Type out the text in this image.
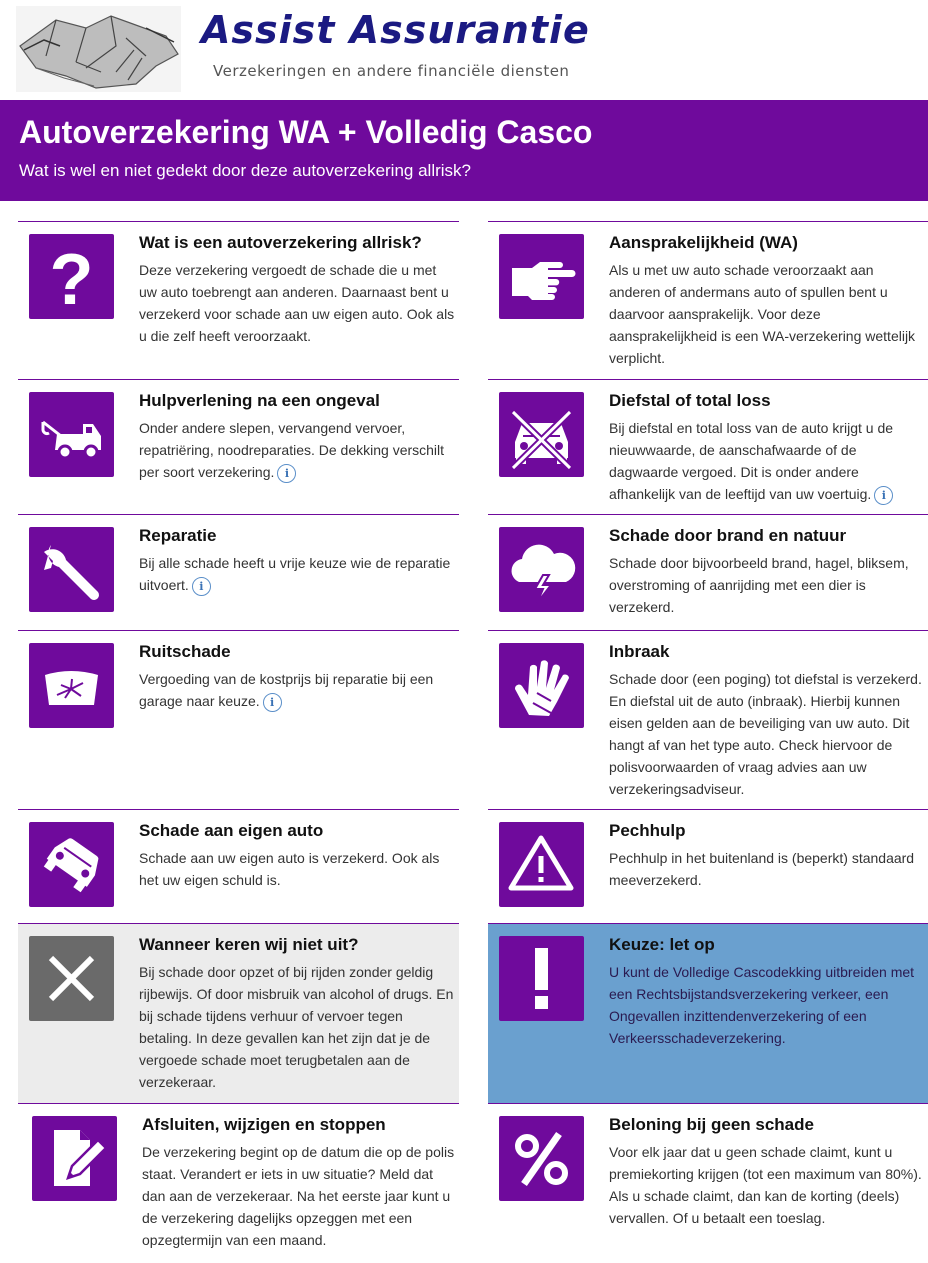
Assist Assurantie
Verzekeringen en andere financiële diensten
Autoverzekering WA + Volledig Casco

Wat is wel en niet gedekt door deze autoverzekering allrisk?

?	Wat is een autoverzekering allrisk?
Deze verzekering vergoedt de schade die u met uw auto toebrengt aan anderen. Daarnaast bent u verzekerd voor schade aan uw eigen auto. Ook als u die zelf heeft veroorzaakt.
Aansprakelijkheid (WA)
Als u met uw auto schade veroorzaakt aan anderen of andermans auto of spullen bent u daarvoor aansprakelijk. Voor deze aansprakelijkheid is een WA-verzekering wettelijk verplicht.
Hulpverlening na een ongeval
Onder andere slepen, vervangend vervoer, repatriëring, noodreparaties. De dekking verschilt per soort verzekering. i
Diefstal of total loss
Bij diefstal en total loss van de auto krijgt u de nieuwwaarde, de aanschafwaarde of de dagwaarde vergoed. Dit is onder andere afhankelijk van de leeftijd van uw voertuig. i
Reparatie
Bij alle schade heeft u vrije keuze wie de reparatie uitvoert. i
Schade door brand en natuur
Schade door bijvoorbeeld brand, hagel, bliksem, overstroming of aanrijding met een dier is verzekerd.
Ruitschade
Vergoeding van de kostprijs bij reparatie bij een garage naar keuze. i
Inbraak
Schade door (een poging) tot diefstal is verzekerd. En diefstal uit de auto (inbraak). Hierbij kunnen eisen gelden aan de beveiliging van uw auto. Dit hangt af van het type auto. Check hiervoor de polisvoorwaarden of vraag advies aan uw verzekeringsadviseur.
Schade aan eigen auto
Schade aan uw eigen auto is verzekerd. Ook als het uw eigen schuld is.
Pechhulp
Pechhulp in het buitenland is (beperkt) standaard meeverzekerd.
Wanneer keren wij niet uit?
Bij schade door opzet of bij rijden zonder geldig rijbewijs. Of door misbruik van alcohol of drugs. En bij schade tijdens verhuur of vervoer tegen betaling. In deze gevallen kan het zijn dat je de vergoede schade moet terugbetalen aan de verzekeraar.
Keuze: let op
U kunt de Volledige Cascodekking uitbreiden met een Rechtsbijstandsverzekering verkeer, een Ongevallen inzittendenverzekering of een Verkeersschadeverzekering.
Afsluiten, wijzigen en stoppen
De verzekering begint op de datum die op de polis staat. Verandert er iets in uw situatie? Meld dat dan aan de verzekeraar. Na het eerste jaar kunt u de verzekering dagelijks opzeggen met een opzegtermijn van een maand.
Beloning bij geen schade
Voor elk jaar dat u geen schade claimt, kunt u premiekorting krijgen (tot een maximum van 80%). Als u schade claimt, dan kan de korting (deels) vervallen. Of u betaalt een toeslag.
